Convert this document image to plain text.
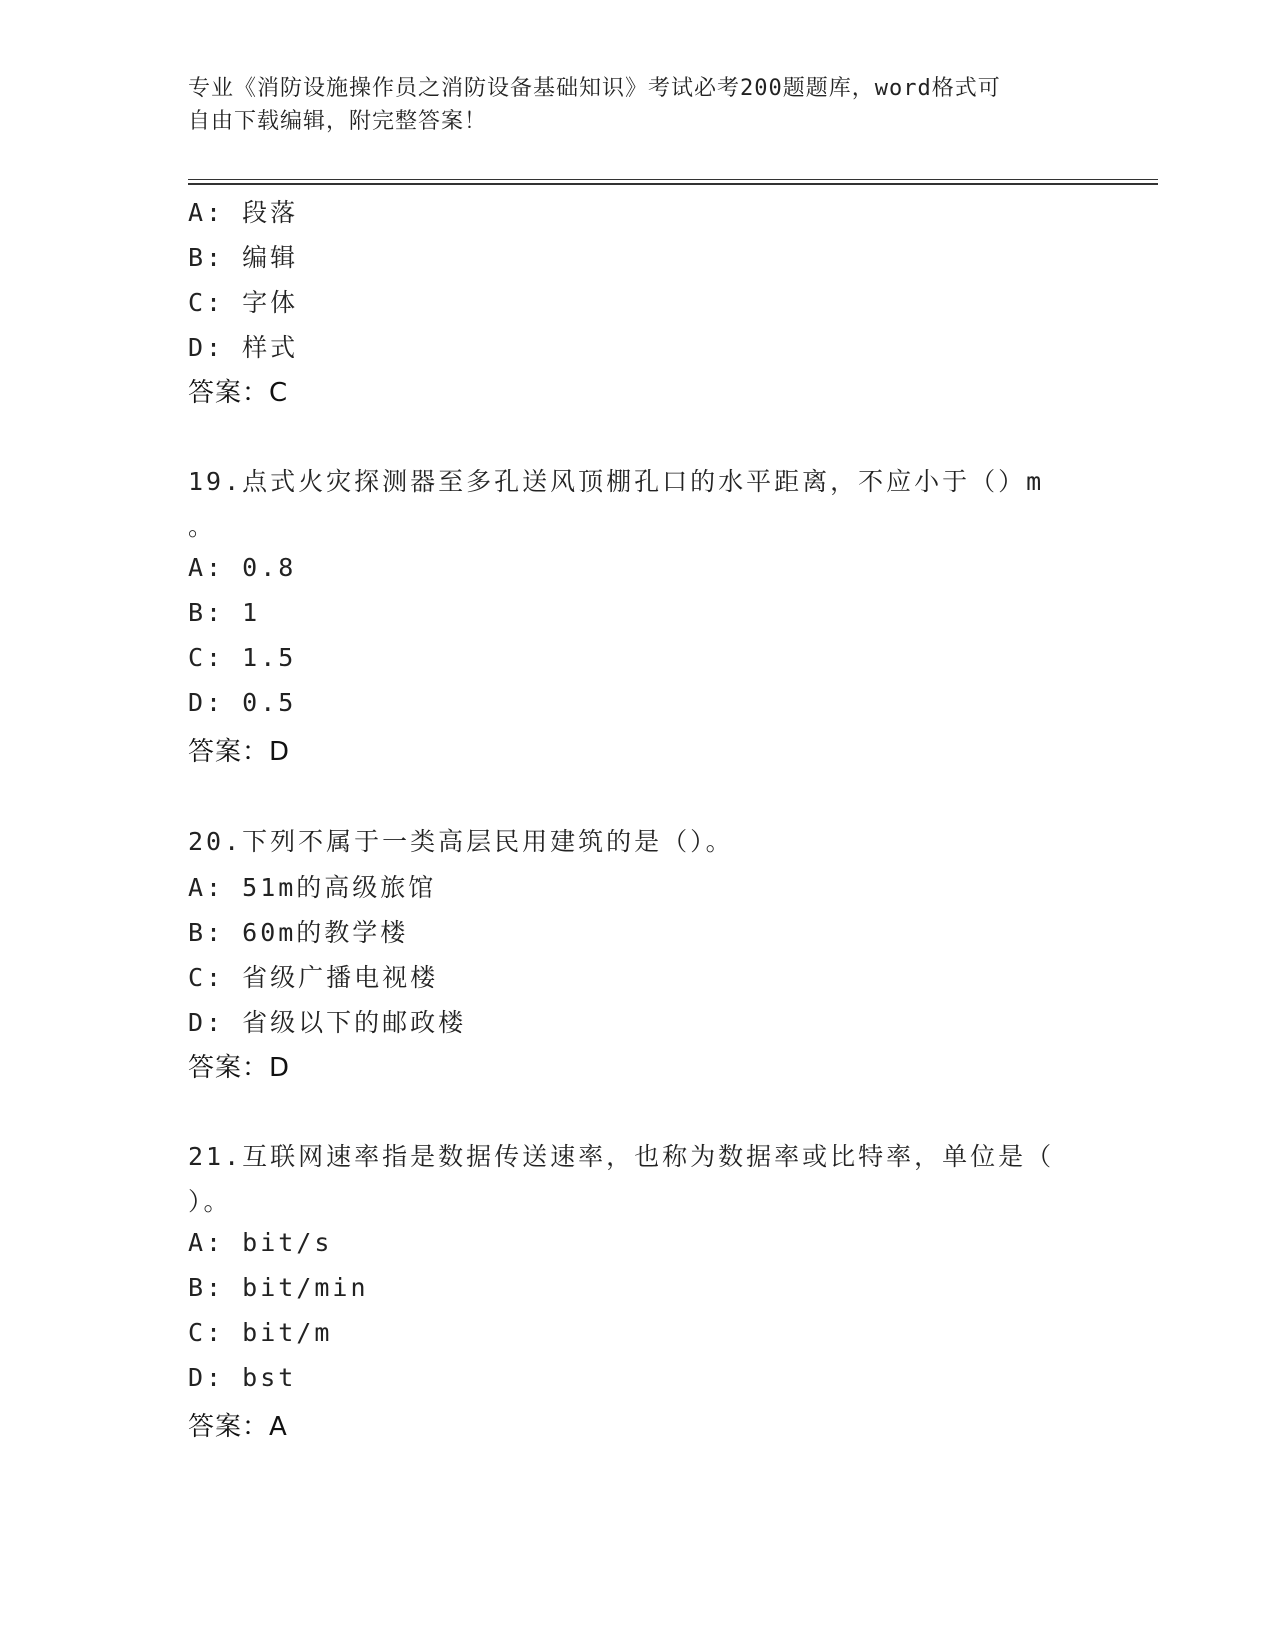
专业《消防设施操作员之消防设备基础知识》考试必考200题题库，word格式可
自由下载编辑，附完整答案！
A: 段落
B: 编辑
C: 字体
D: 样式
答案：C
19.点式火灾探测器至多孔送风顶棚孔口的水平距离，不应小于（）m
。
A: 0.8
B: 1
C: 1.5
D: 0.5
答案：D
20.下列不属于一类高层民用建筑的是（）。
A: 51m的高级旅馆
B: 60m的教学楼
C: 省级广播电视楼
D: 省级以下的邮政楼
答案：D
21.互联网速率指是数据传送速率，也称为数据率或比特率，单位是（
）。
A: bit/s
B: bit/min
C: bit/m
D: bst
答案：A
